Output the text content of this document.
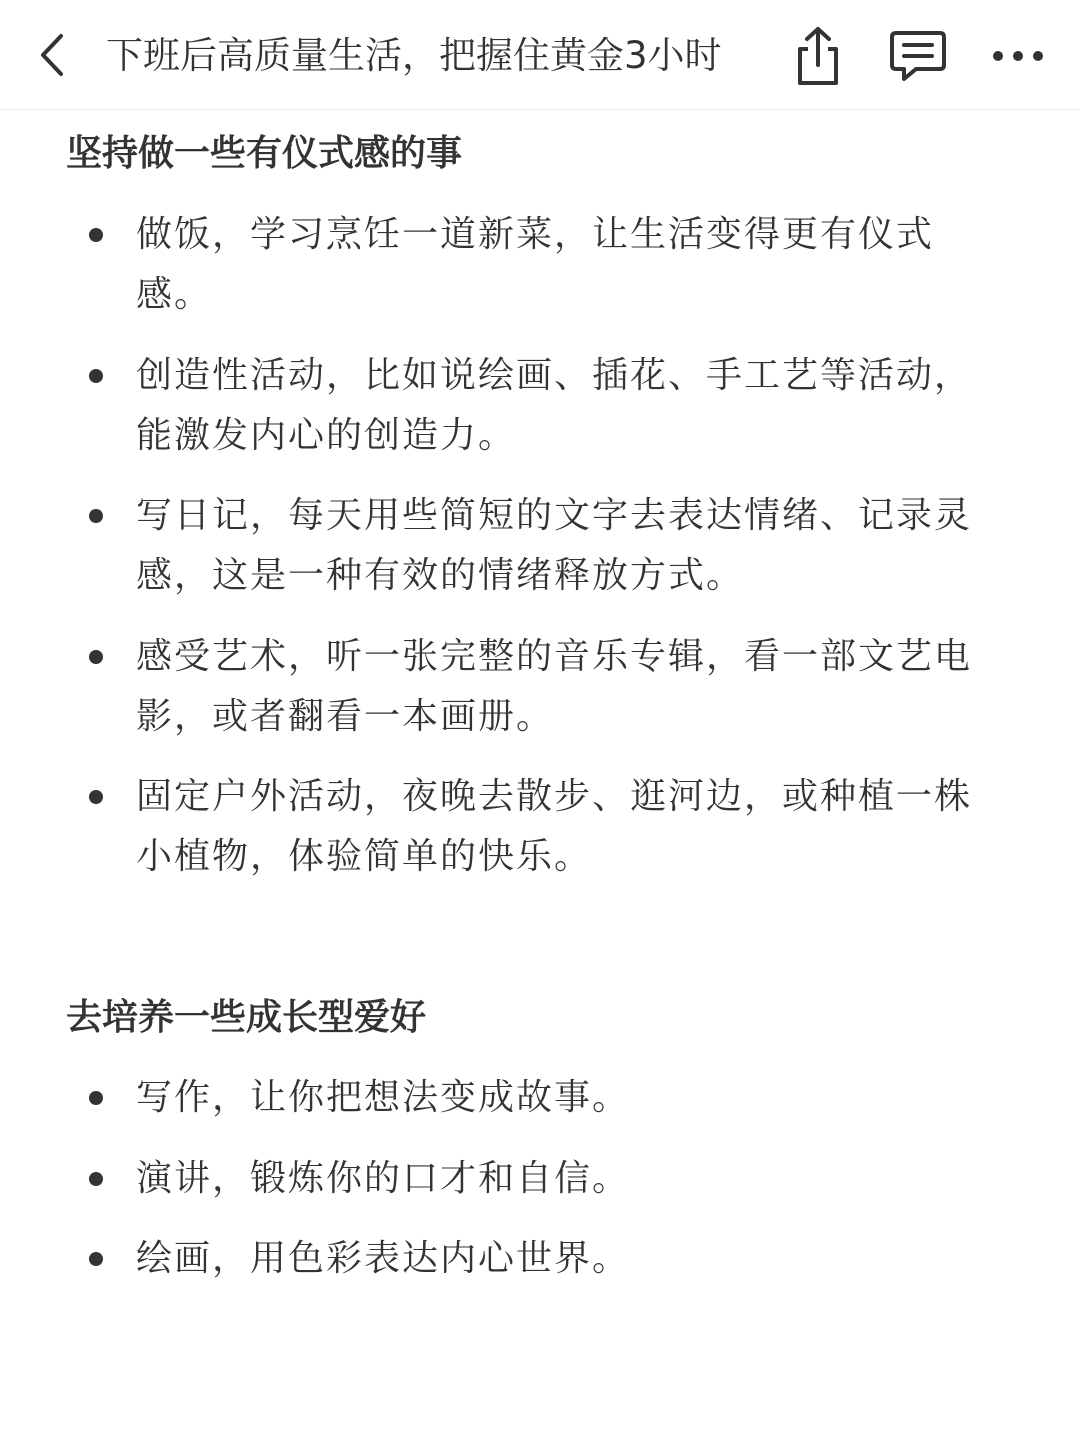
下班后高质量生活，把握住黄金3小时
坚持做一些有仪式感的事
做饭，学习烹饪一道新菜，让生活变得更有仪式感。
创造性活动，比如说绘画、插花、手工艺等活动，能激发内心的创造力。
写日记，每天用些简短的文字去表达情绪、记录灵感，这是一种有效的情绪释放方式。
感受艺术，听一张完整的音乐专辑，看一部文艺电影，或者翻看一本画册。
固定户外活动，夜晚去散步、逛河边，或种植一株小植物，体验简单的快乐。
去培养一些成长型爱好
写作，让你把想法变成故事。
演讲，锻炼你的口才和自信。
绘画，用色彩表达内心世界。
